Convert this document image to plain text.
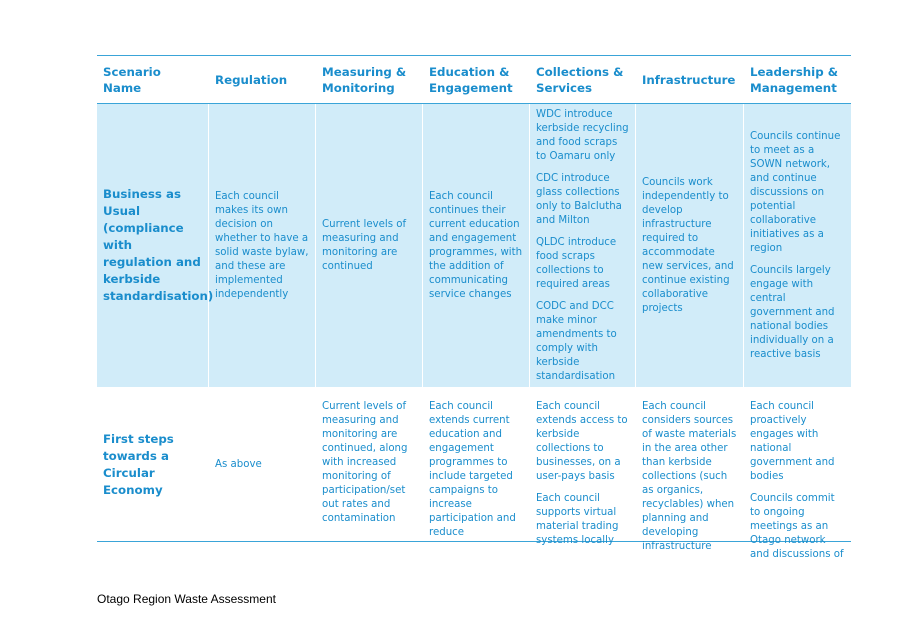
Scenario Name
Regulation
Measuring & Monitoring
Education & Engagement
Collections & Services
Infrastructure
Leadership & Management
Business as Usual (compliance with regulation and kerbside standardisation)
Each council makes its own decision on whether to have a solid waste bylaw, and these are implemented independently
Current levels of measuring and monitoring are continued
Each council continues their current education and engagement programmes, with the addition of communicating service changes
WDC introduce kerbside recycling and food scraps to Oamaru only
CDC introduce glass collections only to Balclutha and Milton
QLDC introduce food scraps collections to required areas
CODC and DCC make minor amendments to comply with kerbside standardisation
Councils work independently to develop infrastructure required to accommodate new services, and continue existing collaborative projects
Councils continue to meet as a SOWN network, and continue discussions on potential collaborative initiatives as a region
Councils largely engage with central government and national bodies individually on a reactive basis
First steps towards a Circular Economy
As above
Current levels of measuring and monitoring are continued, along with increased monitoring of participation/set out rates and contamination
Each council extends current education and engagement programmes to include targeted campaigns to increase participation and reduce
Each council extends access to kerbside collections to businesses, on a user-pays basis
Each council supports virtual material trading systems locally
Each council considers sources of waste materials in the area other than kerbside collections (such as organics, recyclables) when planning and developing infrastructure
Each council proactively engages with national government and bodies
Councils commit to ongoing meetings as an Otago network and discussions of
Otago Region Waste Assessment
